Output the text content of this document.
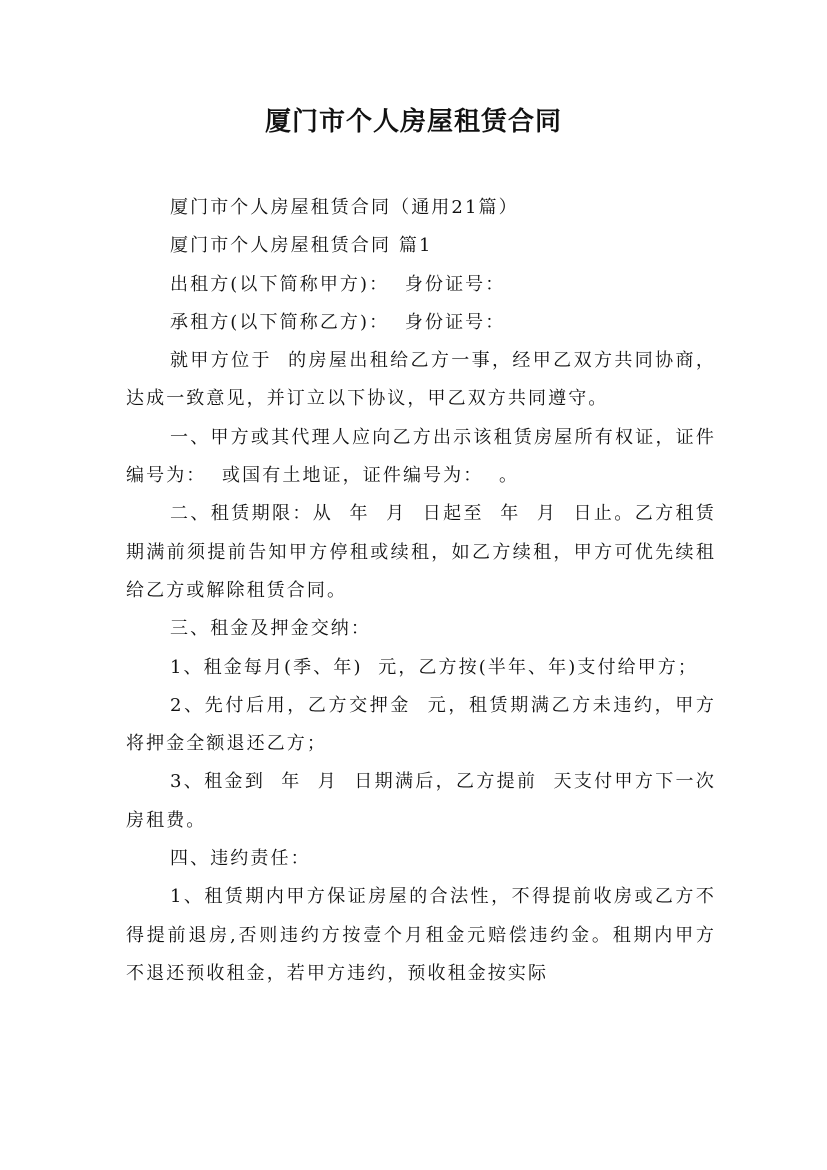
厦门市个人房屋租赁合同

厦门市个人房屋租赁合同（通用21篇）

厦门市个人房屋租赁合同 篇1

出租方(以下简称甲方)：  身份证号：

承租方(以下简称乙方)：  身份证号：

就甲方位于  的房屋出租给乙方一事，经甲乙双方共同协商，达成一致意见，并订立以下协议，甲乙双方共同遵守。

一、甲方或其代理人应向乙方出示该租赁房屋所有权证，证件编号为：  或国有土地证，证件编号为：  。

二、租赁期限：从  年  月  日起至  年  月  日止。乙方租赁期满前须提前告知甲方停租或续租，如乙方续租，甲方可优先续租给乙方或解除租赁合同。

三、租金及押金交纳：

1、租金每月(季、年)  元，乙方按(半年、年)支付给甲方；

2、先付后用，乙方交押金  元，租赁期满乙方未违约，甲方将押金全额退还乙方；

3、租金到  年  月  日期满后，乙方提前  天支付甲方下一次房租费。

四、违约责任：

1、租赁期内甲方保证房屋的合法性，不得提前收房或乙方不得提前退房,否则违约方按壹个月租金元赔偿违约金。租期内甲方不退还预收租金，若甲方违约，预收租金按实际
